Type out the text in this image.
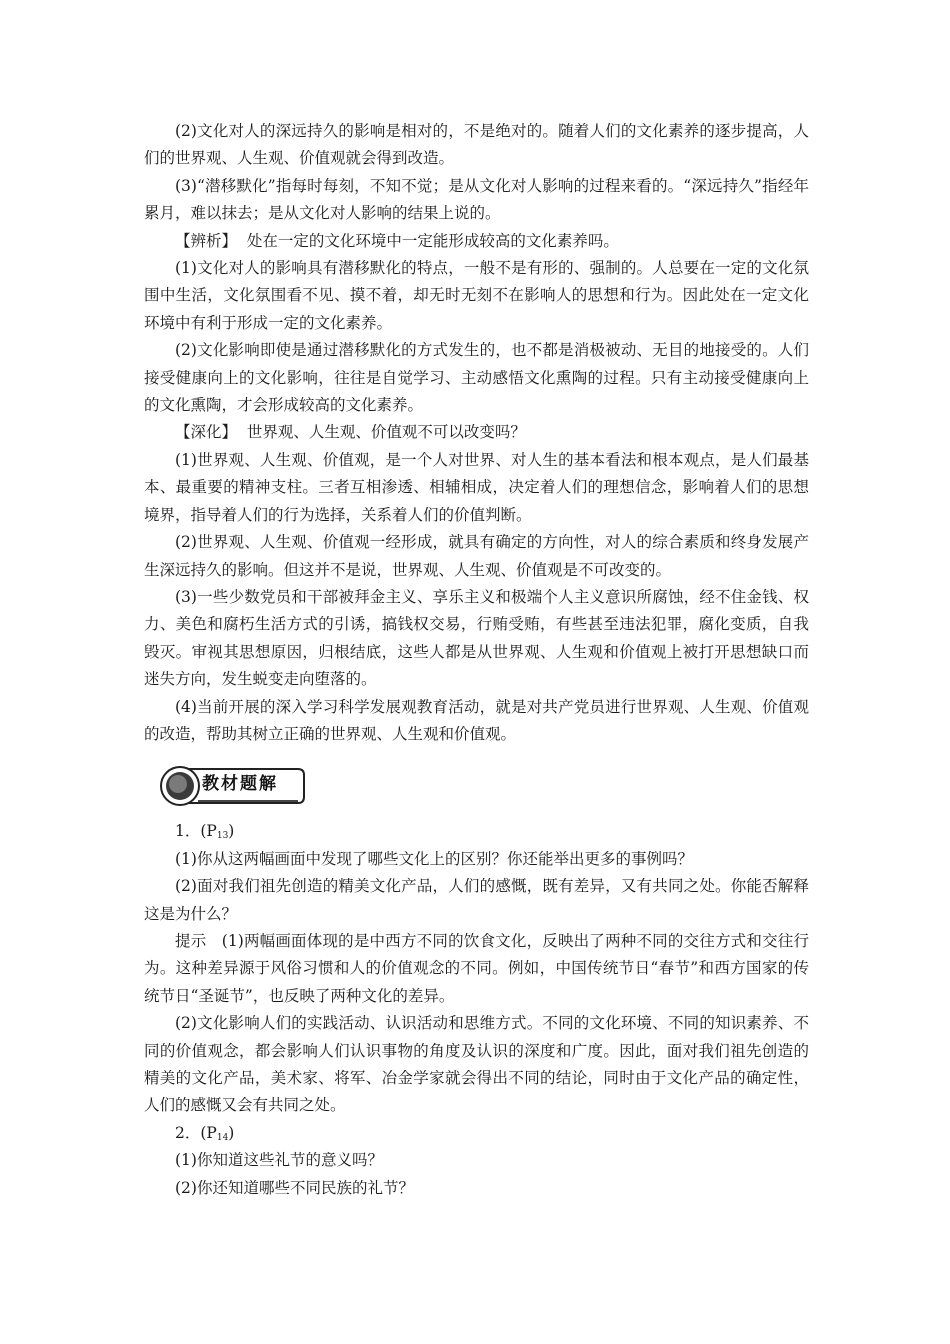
(2)文化对人的深远持久的影响是相对的，不是绝对的。随着人们的文化素养的逐步提高，人们的世界观、人生观、价值观就会得到改造。

(3)“潜移默化”指每时每刻，不知不觉；是从文化对人影响的过程来看的。“深远持久”指经年累月，难以抹去；是从文化对人影响的结果上说的。

【辨析】 处在一定的文化环境中一定能形成较高的文化素养吗。

(1)文化对人的影响具有潜移默化的特点，一般不是有形的、强制的。人总要在一定的文化氛围中生活，文化氛围看不见、摸不着，却无时无刻不在影响人的思想和行为。因此处在一定文化环境中有利于形成一定的文化素养。

(2)文化影响即使是通过潜移默化的方式发生的，也不都是消极被动、无目的地接受的。人们接受健康向上的文化影响，往往是自觉学习、主动感悟文化熏陶的过程。只有主动接受健康向上的文化熏陶，才会形成较高的文化素养。

【深化】 世界观、人生观、价值观不可以改变吗？

(1)世界观、人生观、价值观，是一个人对世界、对人生的基本看法和根本观点，是人们最基本、最重要的精神支柱。三者互相渗透、相辅相成，决定着人们的理想信念，影响着人们的思想境界，指导着人们的行为选择，关系着人们的价值判断。

(2)世界观、人生观、价值观一经形成，就具有确定的方向性，对人的综合素质和终身发展产生深远持久的影响。但这并不是说，世界观、人生观、价值观是不可改变的。

(3)一些少数党员和干部被拜金主义、享乐主义和极端个人主义意识所腐蚀，经不住金钱、权力、美色和腐朽生活方式的引诱，搞钱权交易，行贿受贿，有些甚至违法犯罪，腐化变质，自我毁灭。审视其思想原因，归根结底，这些人都是从世界观、人生观和价值观上被打开思想缺口而迷失方向，发生蜕变走向堕落的。

(4)当前开展的深入学习科学发展观教育活动，就是对共产党员进行世界观、人生观、价值观的改造，帮助其树立正确的世界观、人生观和价值观。

教材题解

1．$(P_{13})$

(1)你从这两幅画面中发现了哪些文化上的区别？你还能举出更多的事例吗？

(2)面对我们祖先创造的精美文化产品，人们的感慨，既有差异，又有共同之处。你能否解释这是为什么？

提示 (1)两幅画面体现的是中西方不同的饮食文化，反映出了两种不同的交往方式和交往行为。这种差异源于风俗习惯和人的价值观念的不同。例如，中国传统节日“春节”和西方国家的传统节日“圣诞节”，也反映了两种文化的差异。

(2)文化影响人们的实践活动、认识活动和思维方式。不同的文化环境、不同的知识素养、不同的价值观念，都会影响人们认识事物的角度及认识的深度和广度。因此，面对我们祖先创造的精美的文化产品，美术家、将军、冶金学家就会得出不同的结论，同时由于文化产品的确定性，人们的感慨又会有共同之处。

2．$(P_{14})$

(1)你知道这些礼节的意义吗？

(2)你还知道哪些不同民族的礼节？
